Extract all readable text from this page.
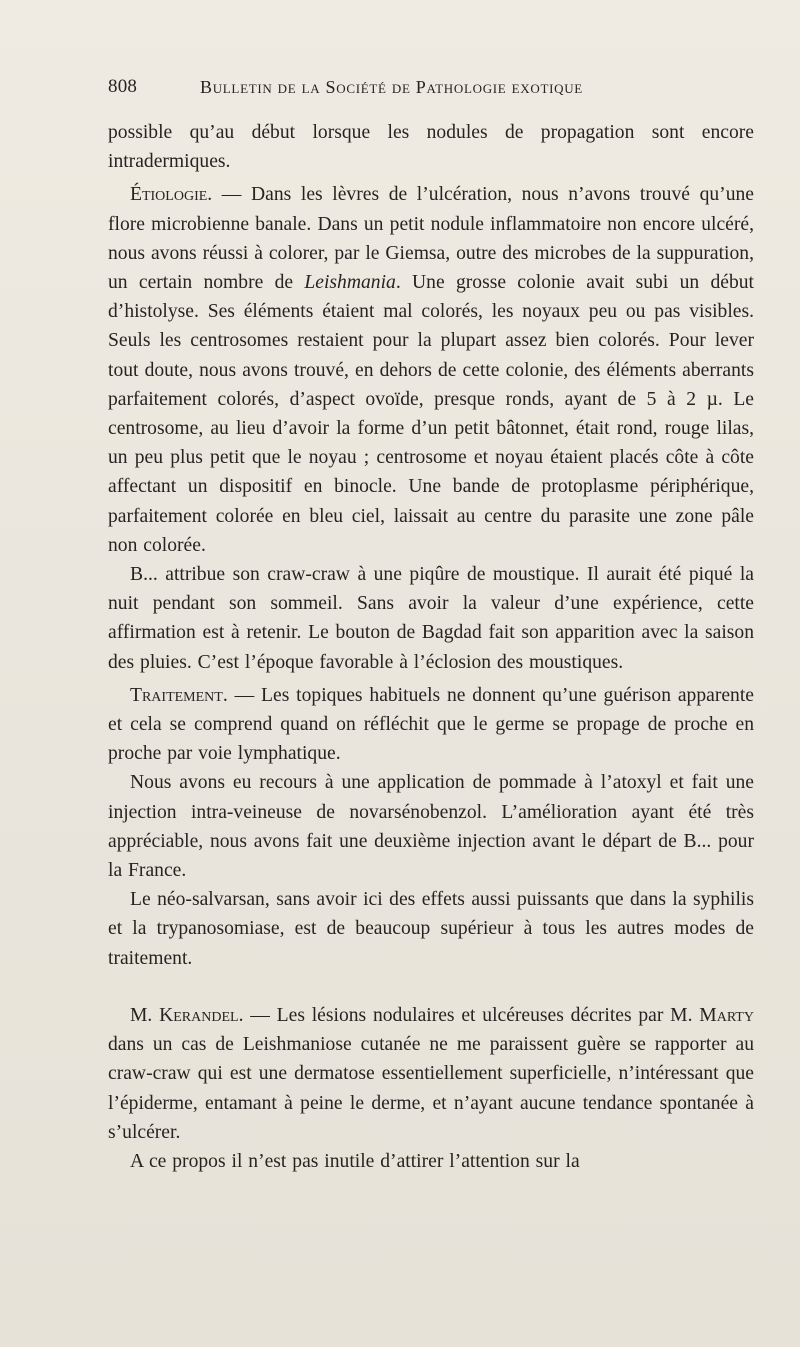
808	Bulletin de la Société de Pathologie exotique

possible qu’au début lorsque les nodules de propagation sont encore intradermiques.

Étiologie. — Dans les lèvres de l’ulcération, nous n’avons trouvé qu’une flore microbienne banale. Dans un petit nodule inflammatoire non encore ulcéré, nous avons réussi à colorer, par le Giemsa, outre des microbes de la suppuration, un certain nombre de Leishmania. Une grosse colonie avait subi un début d’histolyse. Ses éléments étaient mal colorés, les noyaux peu ou pas visibles. Seuls les centrosomes restaient pour la plupart assez bien colorés. Pour lever tout doute, nous avons trouvé, en dehors de cette colonie, des éléments aberrants parfaitement colorés, d’aspect ovoïde, presque ronds, ayant de 5 à 2 µ. Le centrosome, au lieu d’avoir la forme d’un petit bâtonnet, était rond, rouge lilas, un peu plus petit que le noyau ; centrosome et noyau étaient placés côte à côte affectant un dispositif en binocle. Une bande de protoplasme périphérique, parfaitement colorée en bleu ciel, laissait au centre du parasite une zone pâle non colorée.

B... attribue son craw-craw à une piqûre de moustique. Il aurait été piqué la nuit pendant son sommeil. Sans avoir la valeur d’une expérience, cette affirmation est à retenir. Le bouton de Bagdad fait son apparition avec la saison des pluies. C’est l’époque favorable à l’éclosion des moustiques.

Traitement. — Les topiques habituels ne donnent qu’une guérison apparente et cela se comprend quand on réfléchit que le germe se propage de proche en proche par voie lymphatique.

Nous avons eu recours à une application de pommade à l’atoxyl et fait une injection intra-veineuse de novarsénobenzol. L’amélioration ayant été très appréciable, nous avons fait une deuxième injection avant le départ de B... pour la France.

Le néo-salvarsan, sans avoir ici des effets aussi puissants que dans la syphilis et la trypanosomiase, est de beaucoup supérieur à tous les autres modes de traitement.

M. Kerandel. — Les lésions nodulaires et ulcéreuses décrites par M. Marty dans un cas de Leishmaniose cutanée ne me paraissent guère se rapporter au craw-craw qui est une dermatose essentiellement superficielle, n’intéressant que l’épiderme, entamant à peine le derme, et n’ayant aucune tendance spontanée à s’ulcérer.

A ce propos il n’est pas inutile d’attirer l’attention sur la
